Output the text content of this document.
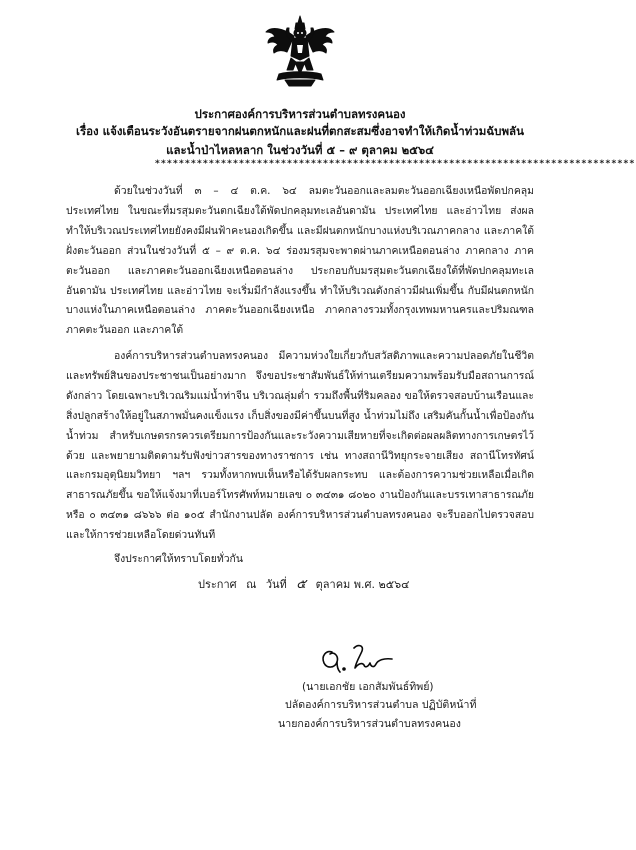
ประกาศองค์การบริหารส่วนตำบลทรงคนอง
เรื่อง แจ้งเตือนระวังอันตรายจากฝนตกหนักและฝนที่ตกสะสมซึ่งอาจทำให้เกิดน้ำท่วมฉับพลัน
และน้ำป่าไหลหลาก ในช่วงวันที่ ๕ – ๙ ตุลาคม ๒๕๖๔
********************************************************************************

ด้วยในช่วงวันที่ ๓ – ๔ ต.ค. ๖๔ ลมตะวันออกและลมตะวันออกเฉียงเหนือพัดปกคลุมประเทศไทย ในขณะที่มรสุมตะวันตกเฉียงใต้พัดปกคลุมทะเลอันดามัน ประเทศไทย และอ่าวไทย ส่งผลทำให้บริเวณประเทศไทยยังคงมีฝนฟ้าคะนองเกิดขึ้น และมีฝนตกหนักบางแห่งบริเวณภาคกลาง และภาคใต้ฝั่งตะวันออก ส่วนในช่วงวันที่ ๕ – ๙ ต.ค. ๖๔ ร่องมรสุมจะพาดผ่านภาคเหนือตอนล่าง ภาคกลาง ภาคตะวันออก และภาคตะวันออกเฉียงเหนือตอนล่าง ประกอบกับมรสุมตะวันตกเฉียงใต้ที่พัดปกคลุมทะเลอันดามัน ประเทศไทย และอ่าวไทย จะเริ่มมีกำลังแรงขึ้น ทำให้บริเวณดังกล่าวมีฝนเพิ่มขึ้น กับมีฝนตกหนักบางแห่งในภาคเหนือตอนล่าง ภาคตะวันออกเฉียงเหนือ ภาคกลางรวมทั้งกรุงเทพมหานครและปริมณฑล ภาคตะวันออก และภาคใต้

องค์การบริหารส่วนตำบลทรงคนอง มีความห่วงใยเกี่ยวกับสวัสดิภาพและความปลอดภัยในชีวิตและทรัพย์สินของประชาชนเป็นอย่างมาก จึงขอประชาสัมพันธ์ให้ท่านเตรียมความพร้อมรับมือสถานการณ์ดังกล่าว โดยเฉพาะบริเวณริมแม่น้ำท่าจีน บริเวณลุ่มต่ำ รวมถึงพื้นที่ริมคลอง ขอให้ตรวจสอบบ้านเรือนและสิ่งปลูกสร้างให้อยู่ในสภาพมั่นคงแข็งแรง เก็บสิ่งของมีค่าขึ้นบนที่สูง น้ำท่วมไม่ถึง เสริมคันกั้นน้ำเพื่อป้องกันน้ำท่วม สำหรับเกษตรกรควรเตรียมการป้องกันและระวังความเสียหายที่จะเกิดต่อผลผลิตทางการเกษตรไว้ด้วย และพยายามติดตามรับฟังข่าวสารของทางราชการ เช่น ทางสถานีวิทยุกระจายเสียง สถานีโทรทัศน์ และกรมอุตุนิยมวิทยา ฯลฯ รวมทั้งหากพบเห็นหรือได้รับผลกระทบ และต้องการความช่วยเหลือเมื่อเกิดสาธารณภัยขึ้น ขอให้แจ้งมาที่เบอร์โทรศัพท์หมายเลข ๐ ๓๔๓๑ ๘๐๒๐ งานป้องกันและบรรเทาสาธารณภัย หรือ ๐ ๓๔๓๑ ๘๖๖๖ ต่อ ๑๐๕ สำนักงานปลัด องค์การบริหารส่วนตำบลทรงคนอง จะรีบออกไปตรวจสอบและให้การช่วยเหลือโดยด่วนทันที

จึงประกาศให้ทราบโดยทั่วกัน

ประกาศ ณ วันที่ ๕ ตุลาคม พ.ศ. ๒๕๖๔
(นายเอกชัย เอกสัมพันธ์ทิพย์)
ปลัดองค์การบริหารส่วนตำบล ปฏิบัติหน้าที่
นายกองค์การบริหารส่วนตำบลทรงคนอง
